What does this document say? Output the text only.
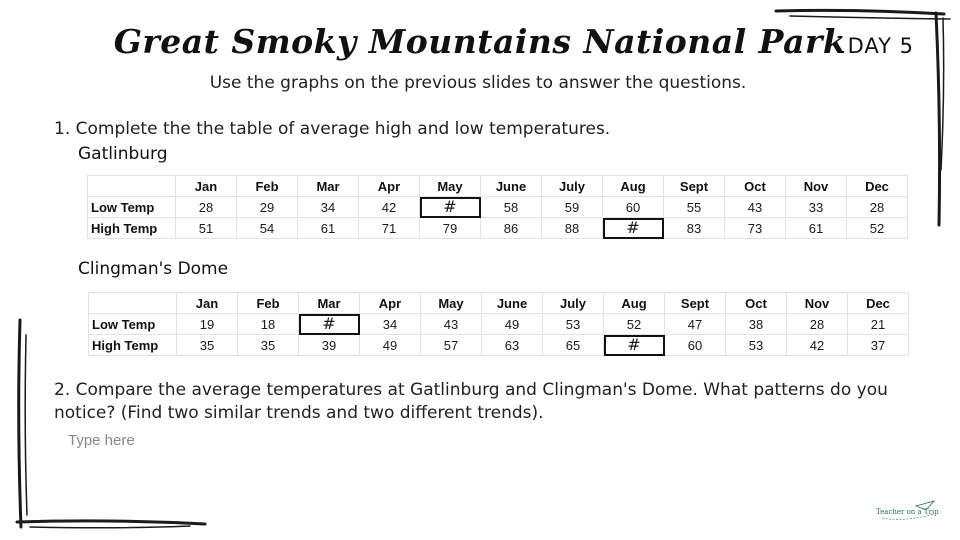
Great Smoky Mountains National Park DAY 5
Use the graphs on the previous slides to answer the questions.
1. Complete the the table of average high and low temperatures.
Gatlinburg
	Jan	Feb	Mar	Apr	May	June	July	Aug	Sept	Oct	Nov	Dec
Low Temp	28	29	34	42	#	58	59	60	55	43	33	28
High Temp	51	54	61	71	79	86	88	#	83	73	61	52
Clingman's Dome
	Jan	Feb	Mar	Apr	May	June	July	Aug	Sept	Oct	Nov	Dec
Low Temp	19	18	#	34	43	49	53	52	47	38	28	21
High Temp	35	35	39	49	57	63	65	#	60	53	42	37
2. Compare the average temperatures at Gatlinburg and Clingman's Dome. What patterns do you notice? (Find two similar trends and two different trends).
Type here
Teacher on a Trip
